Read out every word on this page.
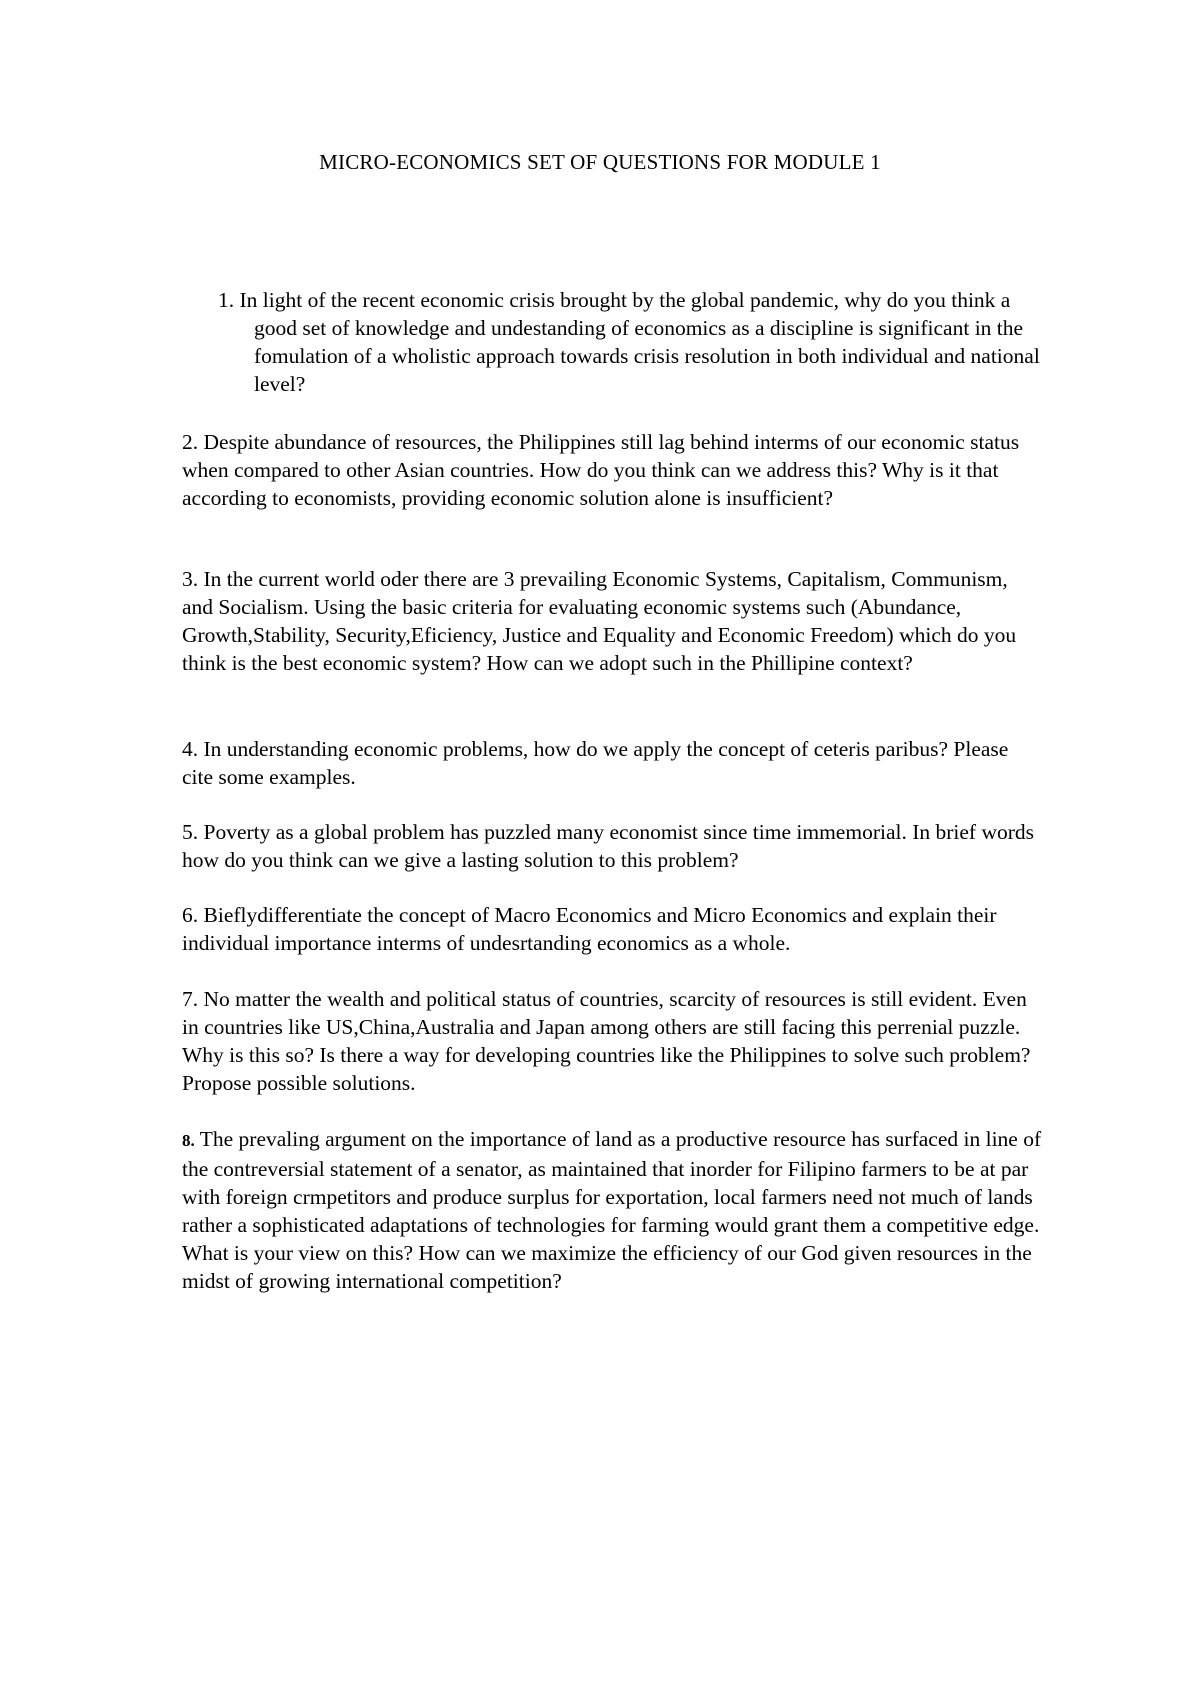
MICRO-ECONOMICS SET OF QUESTIONS FOR MODULE 1

1. In light of the recent economic crisis brought by the global pandemic, why do you think a good set of knowledge and undestanding of economics as a discipline is significant in the fomulation of a wholistic approach towards crisis resolution in both individual and national level?

2. Despite abundance of resources, the Philippines still lag behind interms of our economic status when compared to other Asian countries. How do you think can we address this? Why is it that according to economists, providing economic solution alone is insufficient?

3. In the current world oder there are 3 prevailing Economic Systems, Capitalism, Communism, and Socialism. Using the basic criteria for evaluating economic systems such (Abundance, Growth,Stability, Security,Eficiency, Justice and Equality and Economic Freedom) which do you think is the best economic system? How can we adopt such in the Phillipine context?

4. In understanding economic problems, how do we apply the concept of ceteris paribus? Please cite some examples.

5. Poverty as a global problem has puzzled many economist since time immemorial. In brief words how do you think can we give a lasting solution to this problem?

6. Bieflydifferentiate the concept of Macro Economics and Micro Economics and explain their individual importance interms of undesrtanding economics as a whole.

7. No matter the wealth and political status of countries, scarcity of resources is still evident. Even in countries like US,China,Australia and Japan among others are still facing this perrenial puzzle. Why is this so? Is there a way for developing countries like the Philippines to solve such problem? Propose possible solutions.

8. The prevaling argument on the importance of land as a productive resource has surfaced in line of the contreversial statement of a senator, as maintained that inorder for Filipino farmers to be at par with foreign crmpetitors and produce surplus for exportation, local farmers need not much of lands rather a sophisticated adaptations of technologies for farming would grant them a competitive edge. What is your view on this? How can we maximize the efficiency of our God given resources in the midst of growing international competition?
